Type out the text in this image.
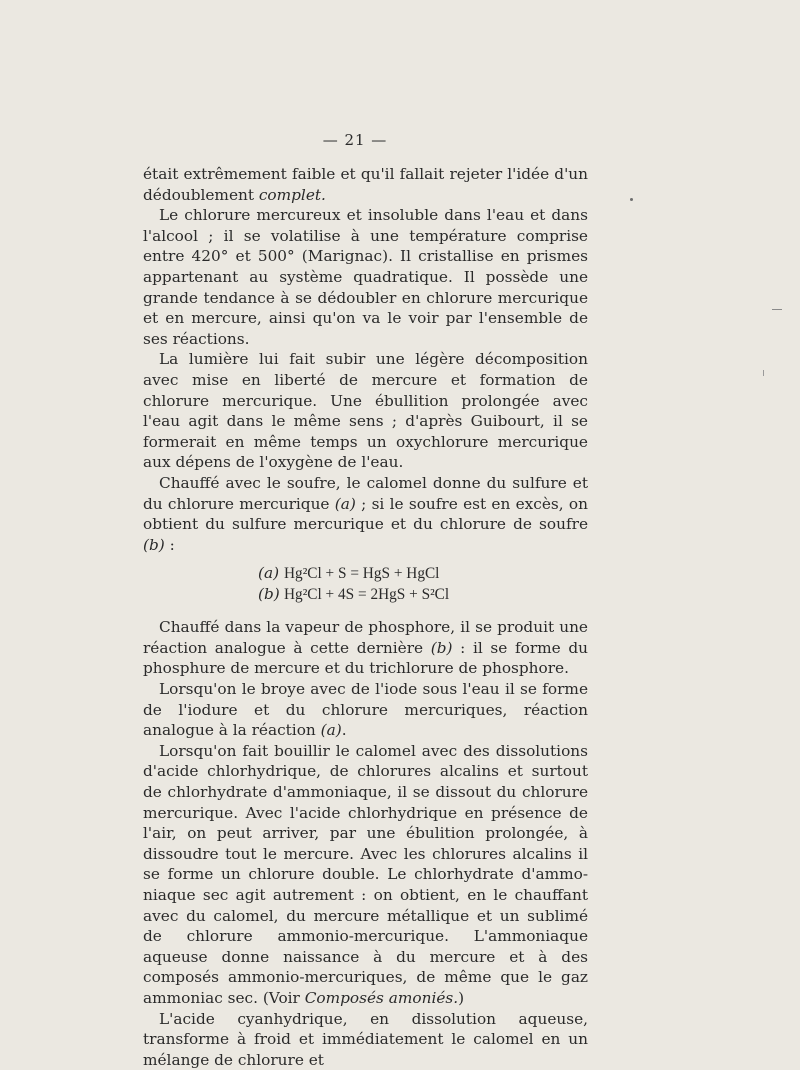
— 21 —

était extrêmement faible et qu'il fallait rejeter l'idée d'un dédoublement complet.

Le chlorure mercureux et insoluble dans l'eau et dans l'alcool ; il se volatilise à une température comprise entre 420° et 500° (Marignac). Il cristallise en prismes appartenant au système quadratique. Il possède une grande tendance à se dédoubler en chlorure mercurique et en mercure, ainsi qu'on va le voir par l'ensemble de ses réactions.

La lumière lui fait subir une légère décomposition avec mise en liberté de mercure et formation de chlorure mercurique. Une ébullition prolongée avec l'eau agit dans le même sens ; d'après Guibourt, il se formerait en même temps un oxychlorure mercurique aux dépens de l'oxygène de l'eau.

Chauffé avec le soufre, le calomel donne du sulfure et du chlorure mercurique (a) ; si le soufre est en excès, on obtient du sulfure mercurique et du chlorure de soufre (b) :

(a) Hg²Cl + S = HgS + HgCl
(b) Hg²Cl + 4S = 2HgS + S²Cl

Chauffé dans la vapeur de phosphore, il se produit une réaction analogue à cette dernière (b) : il se forme du phosphure de mercure et du trichlorure de phosphore.

Lorsqu'on le broye avec de l'iode sous l'eau il se forme de l'iodure et du chlorure mercuriques, réaction analogue à la réaction (a).

Lorsqu'on fait bouillir le calomel avec des dissolutions d'acide chlorhydrique, de chlorures alcalins et surtout de chlorhydrate d'ammoniaque, il se dissout du chlorure mercurique. Avec l'acide chlorhydrique en présence de l'air, on peut arriver, par une ébulition prolongée, à dissoudre tout le mercure. Avec les chlorures alcalins il se forme un chlorure double. Le chlorhydrate d'ammoniaque sec agit autrement : on obtient, en le chauffant avec du calomel, du mercure métallique et un sublimé de chlorure ammonio-mercurique. L'ammoniaque aqueuse donne naissance à du mercure et à des composés ammonio-mercuriques, de même que le gaz ammoniac sec. (Voir Composés amoniés.)

L'acide cyanhydrique, en dissolution aqueuse, transforme à froid et immédiatement le calomel en un mélange de chlorure et
